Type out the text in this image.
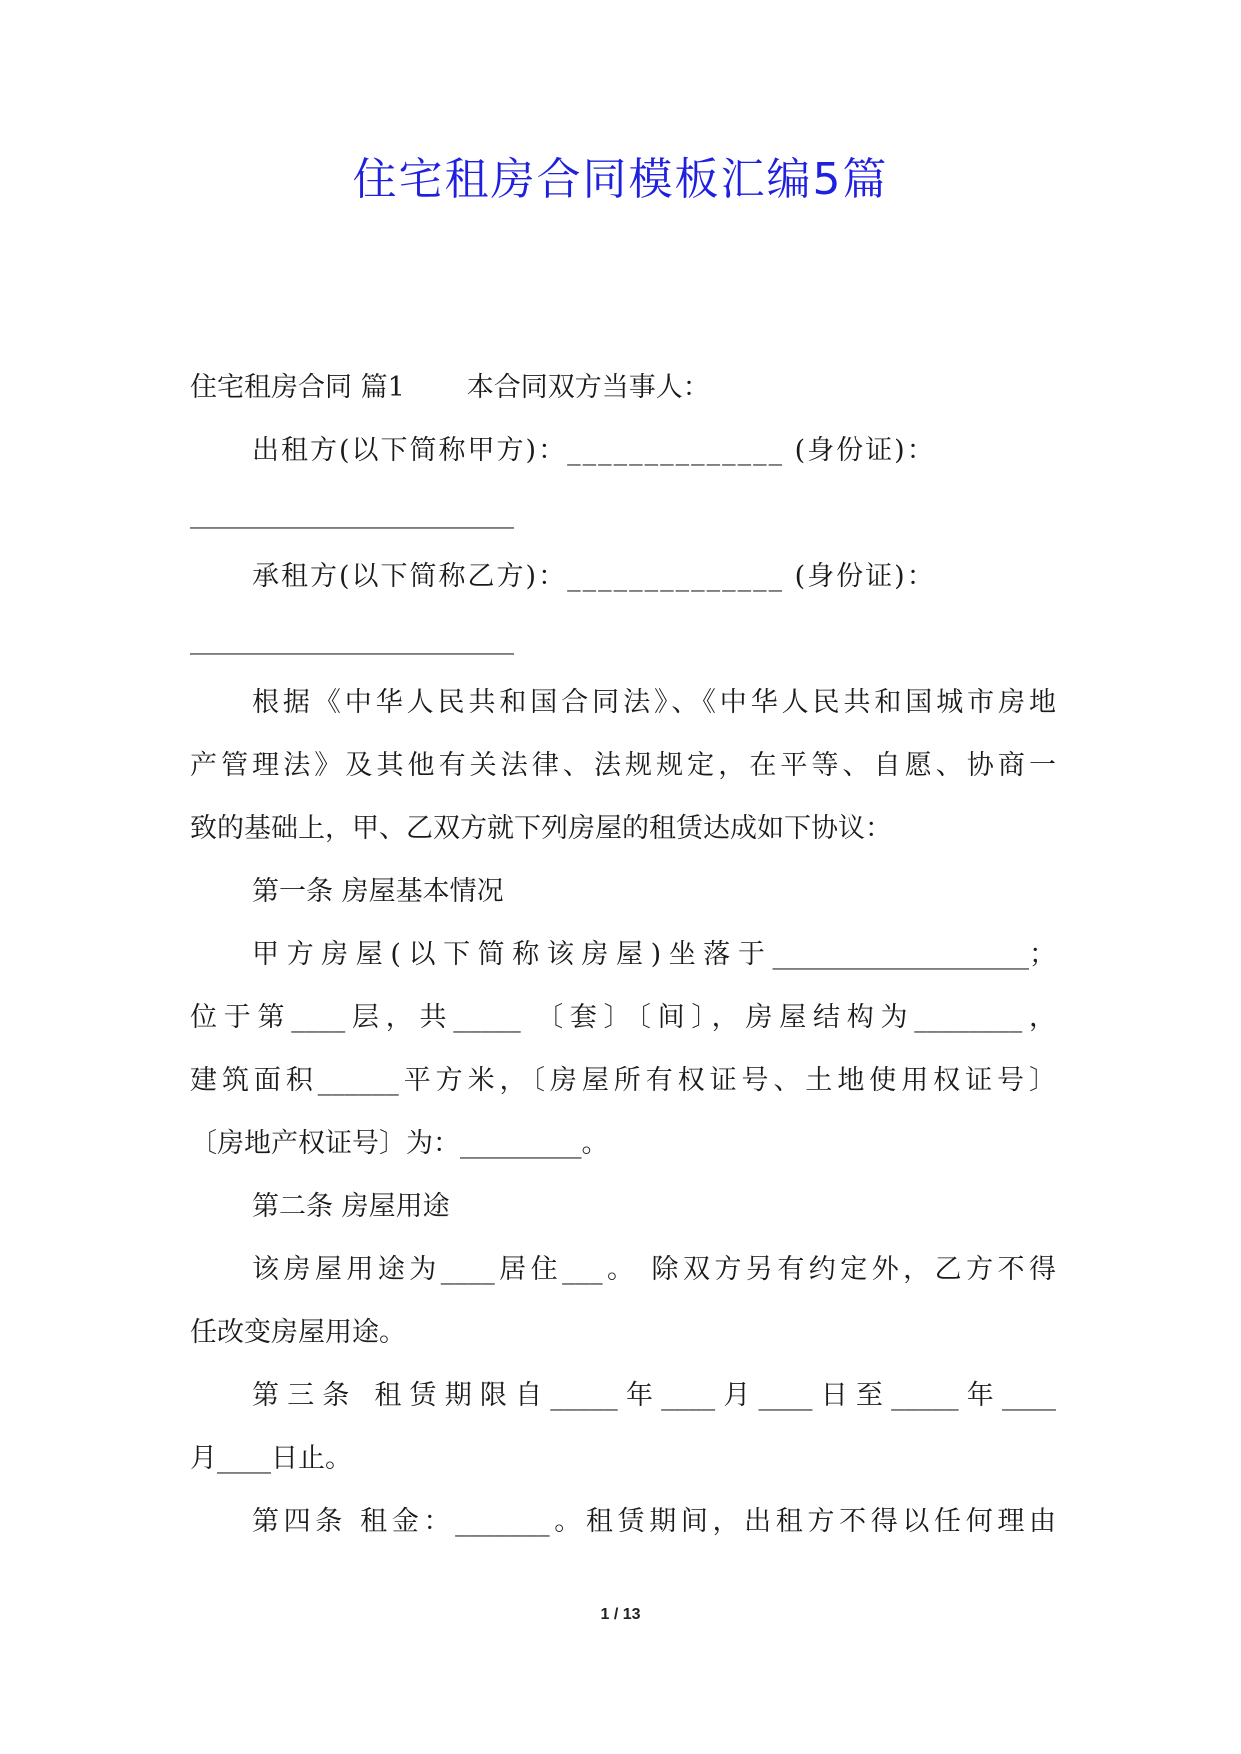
住宅租房合同模板汇编5篇
住宅租房合同 篇1 本合同双方当事人：
出租方(以下简称甲方)：______________ (身份证)：
________________________
承租方(以下简称乙方)：______________ (身份证)：
________________________
根据《中华人民共和国合同法》、《中华人民共和国城市房地
产管理法》及其他有关法律、法规规定，在平等、自愿、协商一
致的基础上，甲、乙双方就下列房屋的租赁达成如下协议：
第一条 房屋基本情况
甲方房屋(以下简称该房屋)坐落于___________________；
位于第____层，共_____ 〔套〕〔间〕，房屋结构为________，
建筑面积______平方米，〔房屋所有权证号、土地使用权证号〕
〔房地产权证号〕为：_________。
第二条 房屋用途
该房屋用途为____居住___。 除双方另有约定外，乙方不得
任改变房屋用途。
第三条 租赁期限自_____年____月____日至_____年____
月____日止。
第四条 租金：_______。租赁期间，出租方不得以任何理由
1 / 13
